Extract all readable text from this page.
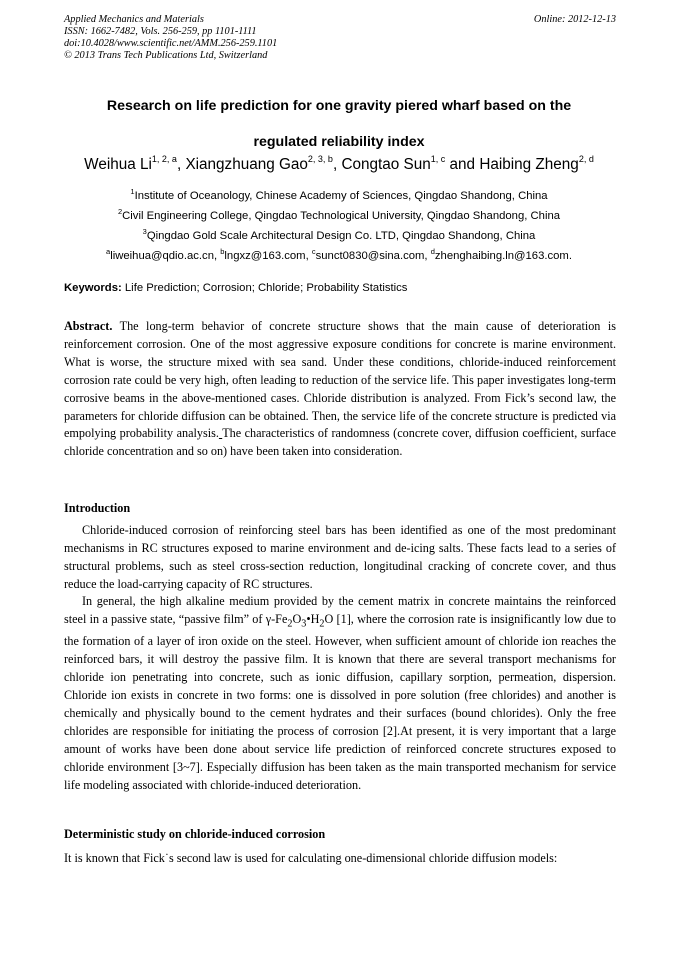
Applied Mechanics and Materials
ISSN: 1662-7482, Vols. 256-259, pp 1101-1111
doi:10.4028/www.scientific.net/AMM.256-259.1101
© 2013 Trans Tech Publications Ltd, Switzerland
Online: 2012-12-13
Research on life prediction for one gravity piered wharf based on the
regulated reliability index
Weihua Li$^{1, 2, a}$, Xiangzhuang Gao$^{2, 3, b}$, Congtao Sun$^{1, c}$ and Haibing Zheng$^{2, d}$
$^1$Institute of Oceanology, Chinese Academy of Sciences, Qingdao Shandong, China
$^2$Civil Engineering College, Qingdao Technological University, Qingdao Shandong, China
$^3$Qingdao Gold Scale Architectural Design Co. LTD, Qingdao Shandong, China
$^a$liweihua@qdio.ac.cn, $^b$lngxz@163.com, $^c$sunct0830@sina.com, $^d$zhenghaibing.ln@163.com.
Keywords: Life Prediction; Corrosion; Chloride; Probability Statistics

Abstract. The long-term behavior of concrete structure shows that the main cause of deterioration is reinforcement corrosion. One of the most aggressive exposure conditions for concrete is marine environment. What is worse, the structure mixed with sea sand. Under these conditions, chloride-induced reinforcement corrosion rate could be very high, often leading to reduction of the service life. This paper investigates long-term corrosive beams in the above-mentioned cases. Chloride distribution is analyzed. From Fick’s second law, the parameters for chloride diffusion can be obtained. Then, the service life of the concrete structure is predicted via empolying probability analysis. The characteristics of randomness (concrete cover, diffusion coefficient, surface chloride concentration and so on) have been taken into consideration.

Introduction

Chloride-induced corrosion of reinforcing steel bars has been identified as one of the most predominant mechanisms in RC structures exposed to marine environment and de-icing salts. These facts lead to a series of structural problems, such as steel cross-section reduction, longitudinal cracking of concrete cover, and thus reduce the load-carrying capacity of RC structures.

In general, the high alkaline medium provided by the cement matrix in concrete maintains the reinforced steel in a passive state, “passive film” of $\gamma-Fe_2O_3•H_2O$ [1], where the corrosion rate is insignificantly low due to the formation of a layer of iron oxide on the steel. However, when sufficient amount of chloride ion reaches the reinforced bars, it will destroy the passive film. It is known that there are several transport mechanisms for chloride ion penetrating into concrete, such as ionic diffusion, capillary sorption, permeation, dispersion. Chloride ion exists in concrete in two forms: one is dissolved in pore solution (free chlorides) and another is chemically and physically bound to the cement hydrates and their surfaces (bound chlorides). Only the free chlorides are responsible for initiating the process of corrosion [2].At present, it is very important that a large amount of works have been done about service life prediction of reinforced concrete structures exposed to chloride environment [3~7]. Especially diffusion has been taken as the main transported mechanism for service life modeling associated with chloride-induced deterioration.

Deterministic study on chloride-induced corrosion

It is known that Fick˙s second law is used for calculating one-dimensional chloride diffusion models:
